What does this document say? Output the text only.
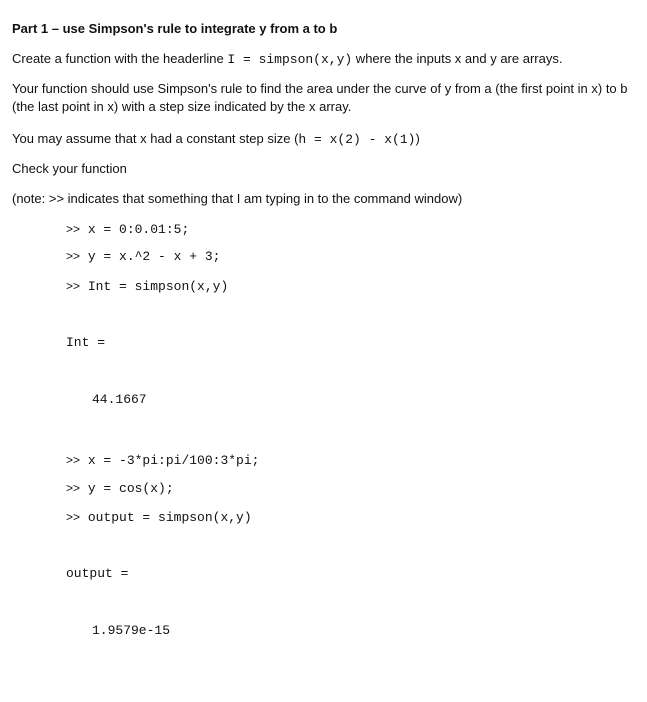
Part 1 – use Simpson's rule to integrate y from a to b
Create a function with the headerline I = simpson(x,y) where the inputs x and y are arrays.
Your function should use Simpson's rule to find the area under the curve of y from a (the first point in x) to b (the last point in x) with a step size indicated by the x array.
You may assume that x had a constant step size (h = x(2) - x(1))
Check your function
(note: >> indicates that something that I am typing in to the command window)
>> x = 0:0.01:5;
>> y = x.^2 - x + 3;
>> Int = simpson(x,y)
Int =
44.1667
>> x = -3*pi:pi/100:3*pi;
>> y = cos(x);
>> output = simpson(x,y)
output =
1.9579e-15
